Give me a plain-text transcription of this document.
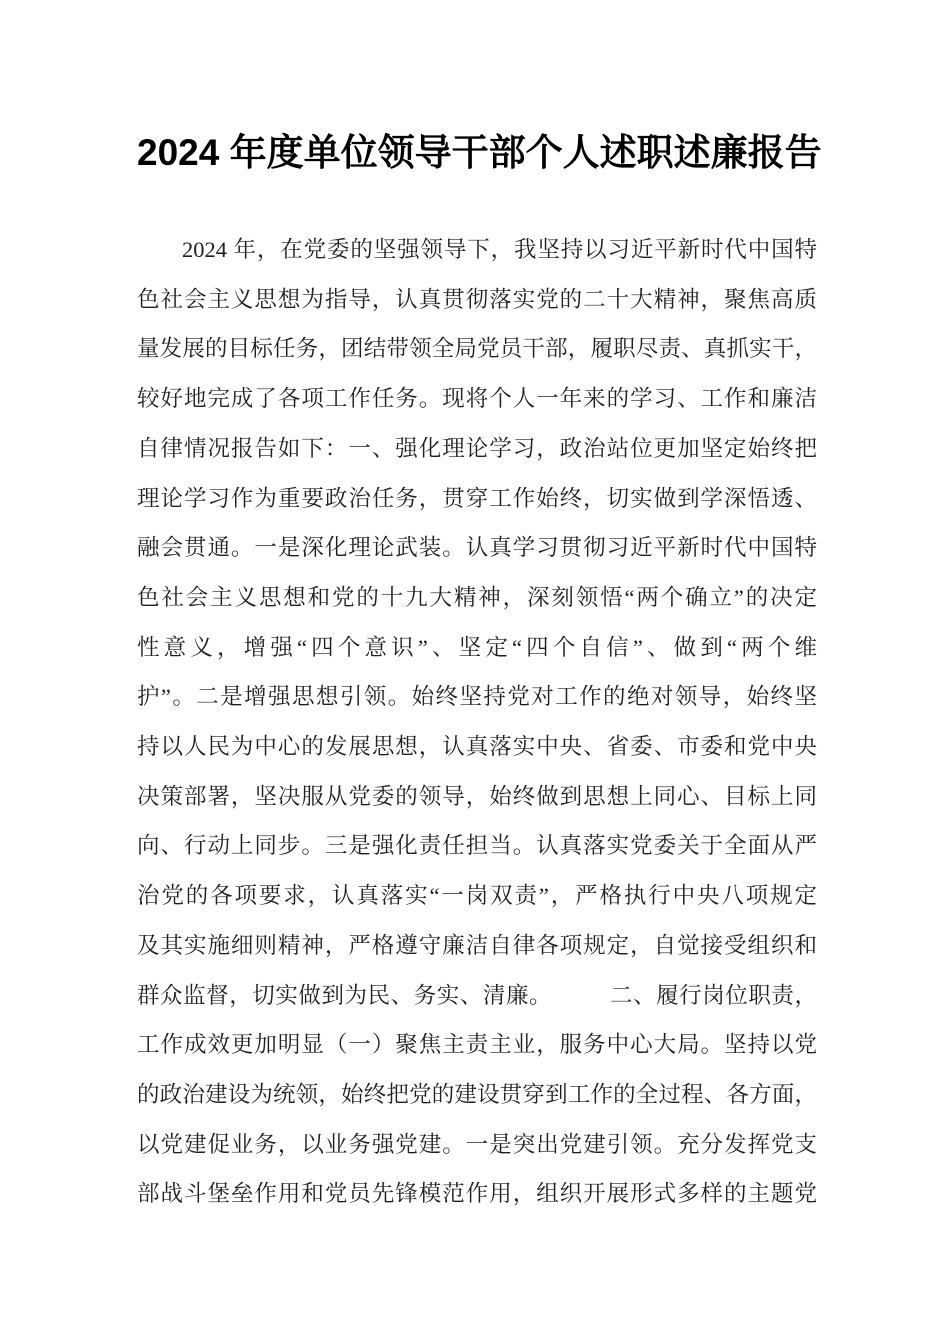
2024 年度单位领导干部个人述职述廉报告
2024 年，在党委的坚强领导下，我坚持以习近平新时代中国特
色社会主义思想为指导，认真贯彻落实党的二十大精神，聚焦高质
量发展的目标任务，团结带领全局党员干部，履职尽责、真抓实干，
较好地完成了各项工作任务。现将个人一年来的学习、工作和廉洁
自律情况报告如下：一、强化理论学习，政治站位更加坚定始终把
理论学习作为重要政治任务，贯穿工作始终，切实做到学深悟透、
融会贯通。一是深化理论武装。认真学习贯彻习近平新时代中国特
色社会主义思想和党的十九大精神，深刻领悟“两个确立”的决定
性意义，增强“四个意识”、坚定“四个自信”、做到“两个维
护”。二是增强思想引领。始终坚持党对工作的绝对领导，始终坚
持以人民为中心的发展思想，认真落实中央、省委、市委和党中央
决策部署，坚决服从党委的领导，始终做到思想上同心、目标上同
向、行动上同步。三是强化责任担当。认真落实党委关于全面从严
治党的各项要求，认真落实“一岗双责”，严格执行中央八项规定
及其实施细则精神，严格遵守廉洁自律各项规定，自觉接受组织和
群众监督，切实做到为民、务实、清廉。　　　二、履行岗位职责，
工作成效更加明显（一）聚焦主责主业，服务中心大局。坚持以党
的政治建设为统领，始终把党的建设贯穿到工作的全过程、各方面，
以党建促业务，以业务强党建。一是突出党建引领。充分发挥党支
部战斗堡垒作用和党员先锋模范作用，组织开展形式多样的主题党
